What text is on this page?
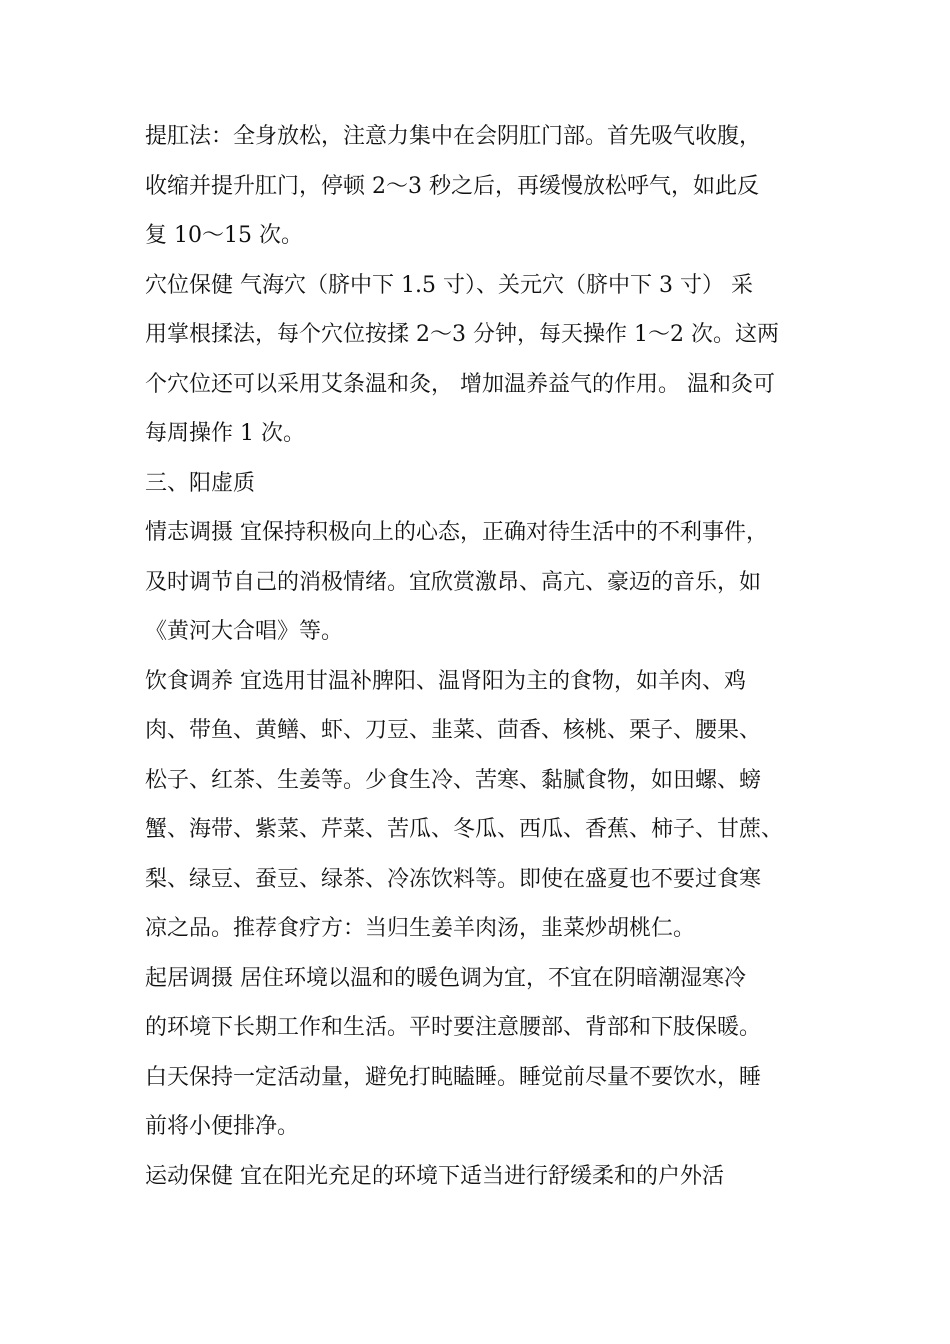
提肛法：全身放松，注意力集中在会阴肛门部。首先吸气收腹，
收缩并提升肛门，停顿 2～3 秒之后，再缓慢放松呼气，如此反
复 10～15 次。
穴位保健 气海穴（脐中下 1.5 寸）、关元穴（脐中下 3 寸） 采
用掌根揉法，每个穴位按揉 2～3 分钟，每天操作 1～2 次。这两
个穴位还可以采用艾条温和灸， 增加温养益气的作用。 温和灸可
每周操作 1 次。
三、阳虚质
情志调摄 宜保持积极向上的心态，正确对待生活中的不利事件，
及时调节自己的消极情绪。宜欣赏激昂、高亢、豪迈的音乐，如
《黄河大合唱》等。
饮食调养 宜选用甘温补脾阳、温肾阳为主的食物，如羊肉、鸡
肉、带鱼、黄鳝、虾、刀豆、韭菜、茴香、核桃、栗子、腰果、
松子、红茶、生姜等。少食生冷、苦寒、黏腻食物，如田螺、螃
蟹、海带、紫菜、芹菜、苦瓜、冬瓜、西瓜、香蕉、柿子、甘蔗、
梨、绿豆、蚕豆、绿茶、冷冻饮料等。即使在盛夏也不要过食寒
凉之品。推荐食疗方：当归生姜羊肉汤，韭菜炒胡桃仁。
起居调摄 居住环境以温和的暖色调为宜，不宜在阴暗潮湿寒冷
的环境下长期工作和生活。平时要注意腰部、背部和下肢保暖。
白天保持一定活动量，避免打盹瞌睡。睡觉前尽量不要饮水，睡
前将小便排净。
运动保健 宜在阳光充足的环境下适当进行舒缓柔和的户外活
